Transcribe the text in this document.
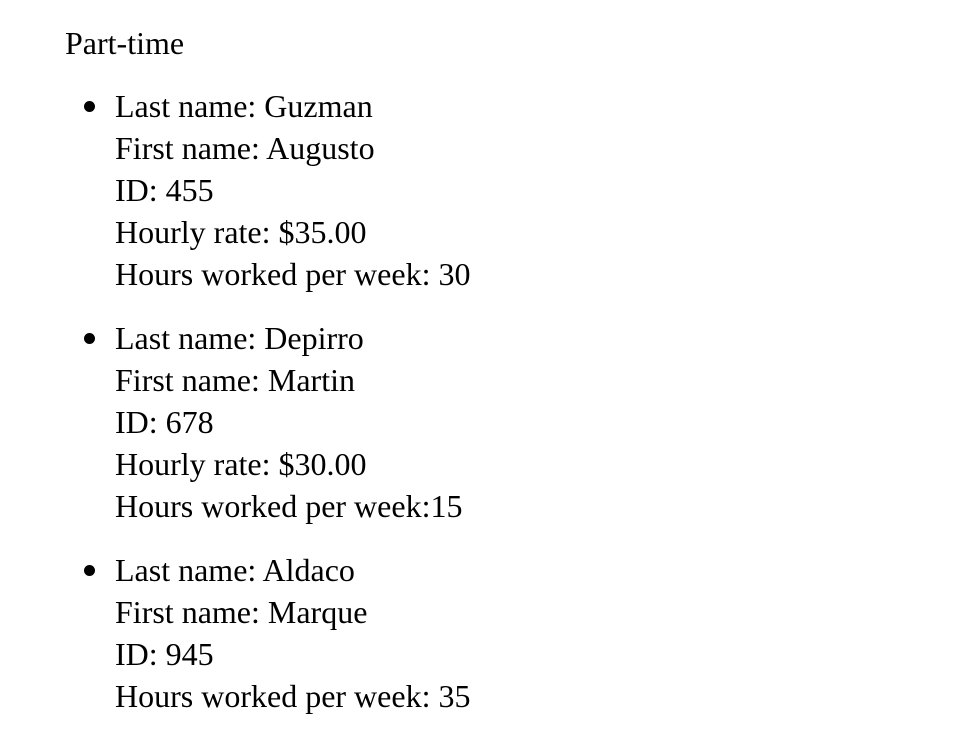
Part-time
Last name: Guzman
First name: Augusto
ID: 455
Hourly rate: $35.00
Hours worked per week: 30
Last name: Depirro
First name: Martin
ID: 678
Hourly rate: $30.00
Hours worked per week:15
Last name: Aldaco
First name: Marque
ID: 945
Hours worked per week: 35
